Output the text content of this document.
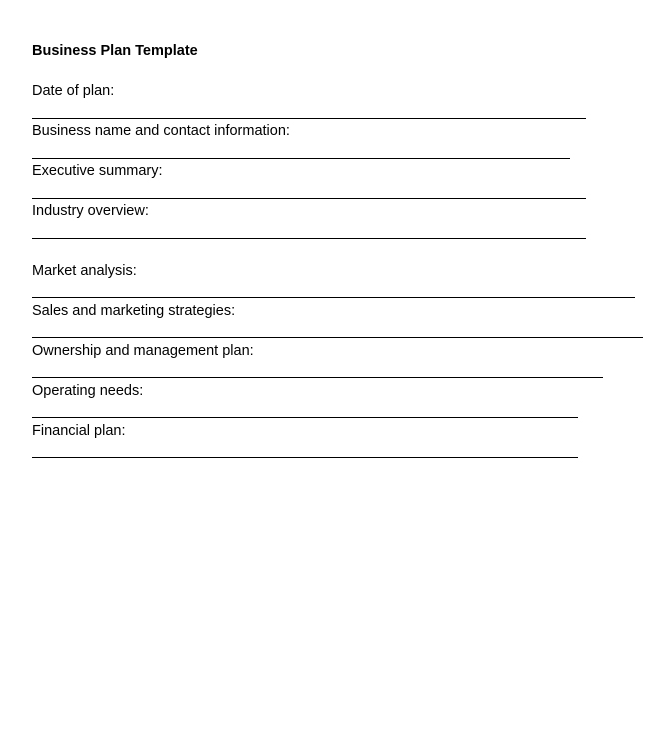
Business Plan Template
Date of plan:
Business name and contact information:
Executive summary:
Industry overview:
Market analysis:
Sales and marketing strategies:
Ownership and management plan:
Operating needs:
Financial plan:
